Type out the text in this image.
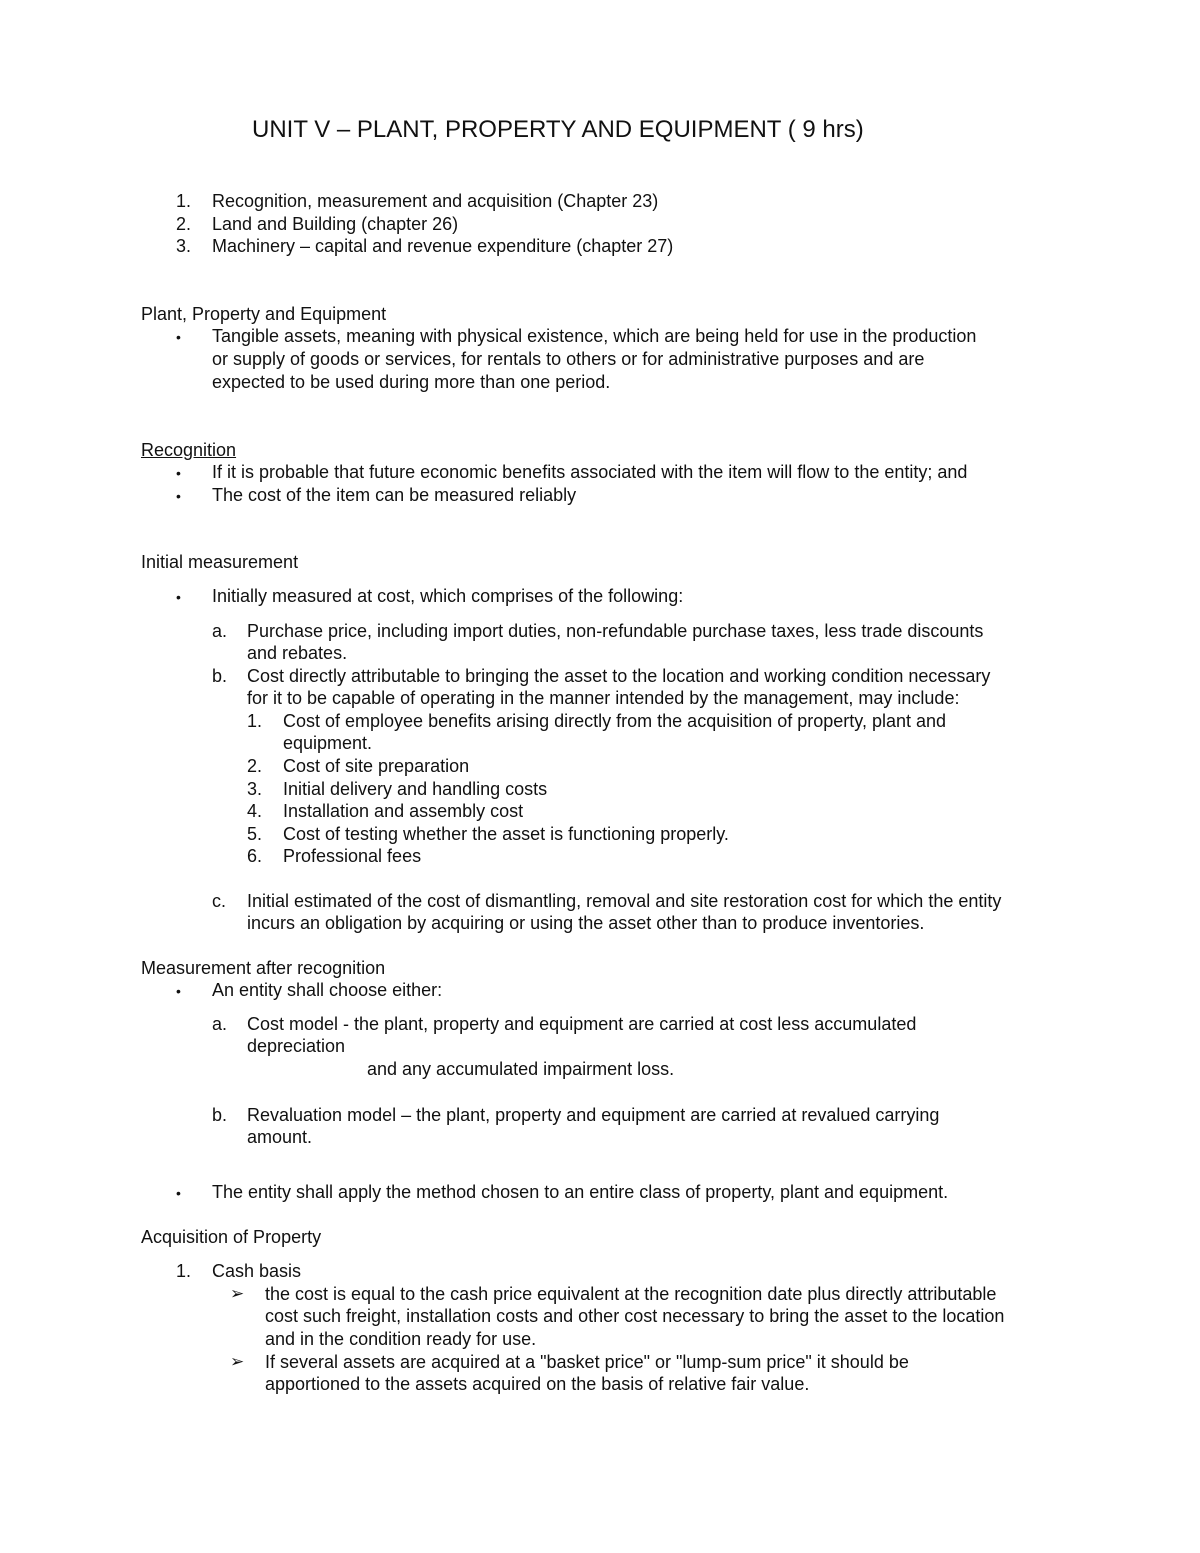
UNIT V – PLANT, PROPERTY AND EQUIPMENT ( 9 hrs)
1. Recognition, measurement and acquisition (Chapter 23)
2. Land and Building (chapter 26)
3. Machinery – capital and revenue expenditure (chapter 27)
Plant, Property and Equipment
• Tangible assets, meaning with physical existence, which are being held for use in the production
or supply of goods or services, for rentals to others or for administrative purposes and are
expected to be used during more than one period.
Recognition
• If it is probable that future economic benefits associated with the item will flow to the entity; and
• The cost of the item can be measured reliably
Initial measurement
• Initially measured at cost, which comprises of the following:
a. Purchase price, including import duties, non-refundable purchase taxes, less trade discounts
and rebates.
b. Cost directly attributable to bringing the asset to the location and working condition necessary
for it to be capable of operating in the manner intended by the management, may include:
1. Cost of employee benefits arising directly from the acquisition of property, plant and
equipment.
2. Cost of site preparation
3. Initial delivery and handling costs
4. Installation and assembly cost
5. Cost of testing whether the asset is functioning properly.
6. Professional fees
c. Initial estimated of the cost of dismantling, removal and site restoration cost for which the entity
incurs an obligation by acquiring or using the asset other than to produce inventories.
Measurement after recognition
• An entity shall choose either:
a. Cost model - the plant, property and equipment are carried at cost less accumulated
depreciation
and any accumulated impairment loss.
b. Revaluation model – the plant, property and equipment are carried at revalued carrying
amount.
• The entity shall apply the method chosen to an entire class of property, plant and equipment.
Acquisition of Property
1. Cash basis
➢ the cost is equal to the cash price equivalent at the recognition date plus directly attributable
cost such freight, installation costs and other cost necessary to bring the asset to the location
and in the condition ready for use.
➢ If several assets are acquired at a "basket price" or "lump-sum price" it should be
apportioned to the assets acquired on the basis of relative fair value.
